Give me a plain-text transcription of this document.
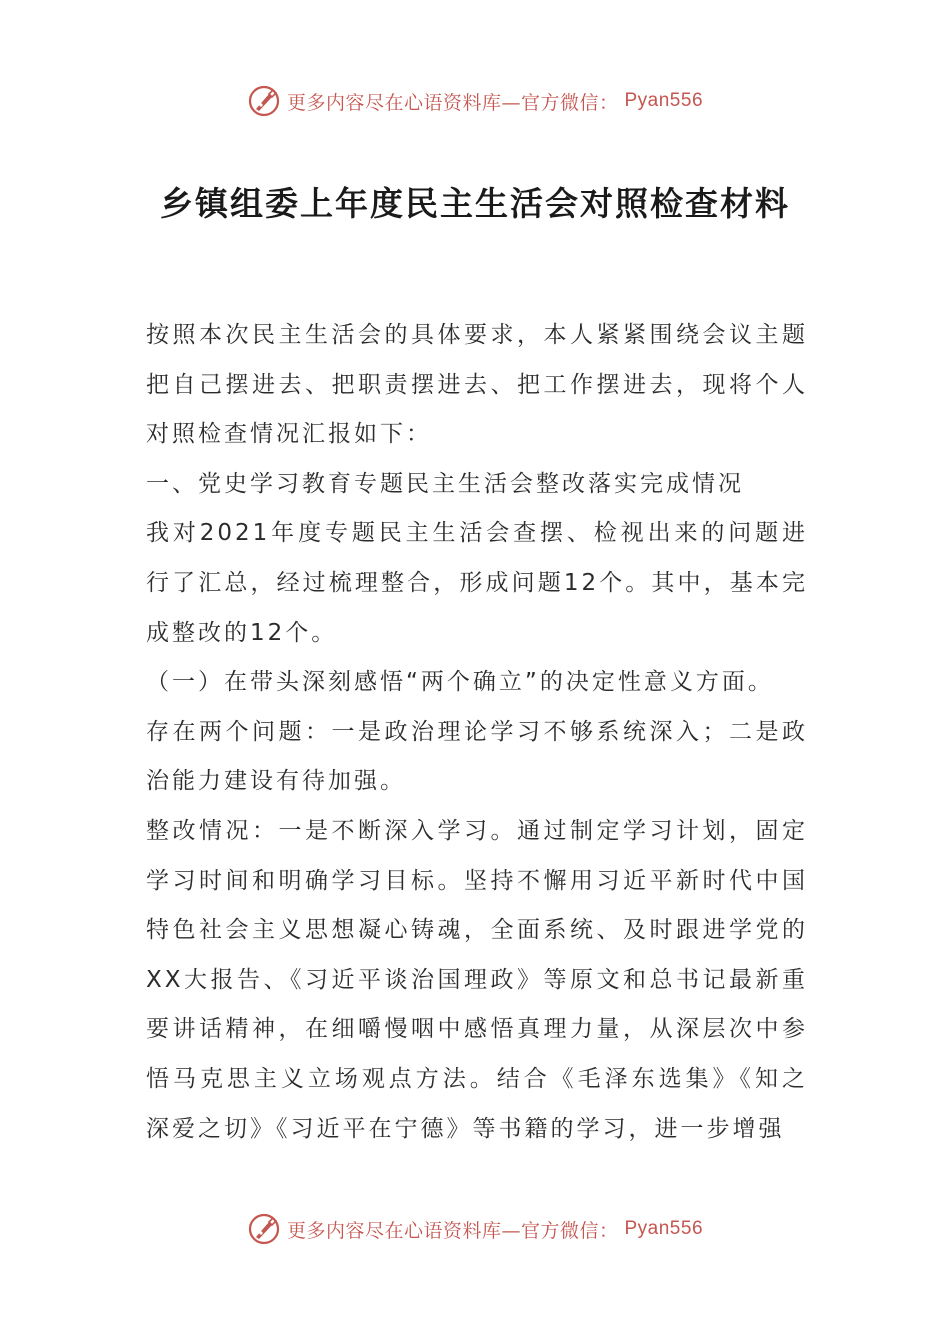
更多内容尽在心语资料库—官方微信： Pyan556
乡镇组委上年度民主生活会对照检查材料

按照本次民主生活会的具体要求，本人紧紧围绕会议主题把自己摆进去、把职责摆进去、把工作摆进去，现将个人对照检查情况汇报如下：

一、党史学习教育专题民主生活会整改落实完成情况

我对2021年度专题民主生活会查摆、检视出来的问题进行了汇总，经过梳理整合，形成问题12个。其中，基本完成整改的12个。

（一）在带头深刻感悟“两个确立”的决定性意义方面。

存在两个问题：一是政治理论学习不够系统深入；二是政治能力建设有待加强。

整改情况：一是不断深入学习。通过制定学习计划，固定学习时间和明确学习目标。坚持不懈用习近平新时代中国特色社会主义思想凝心铸魂，全面系统、及时跟进学党的XX大报告、《习近平谈治国理政》等原文和总书记最新重要讲话精神，在细嚼慢咽中感悟真理力量，从深层次中参悟马克思主义立场观点方法。结合《毛泽东选集》《知之深爱之切》《习近平在宁德》等书籍的学习，进一步增强

更多内容尽在心语资料库—官方微信： Pyan556
